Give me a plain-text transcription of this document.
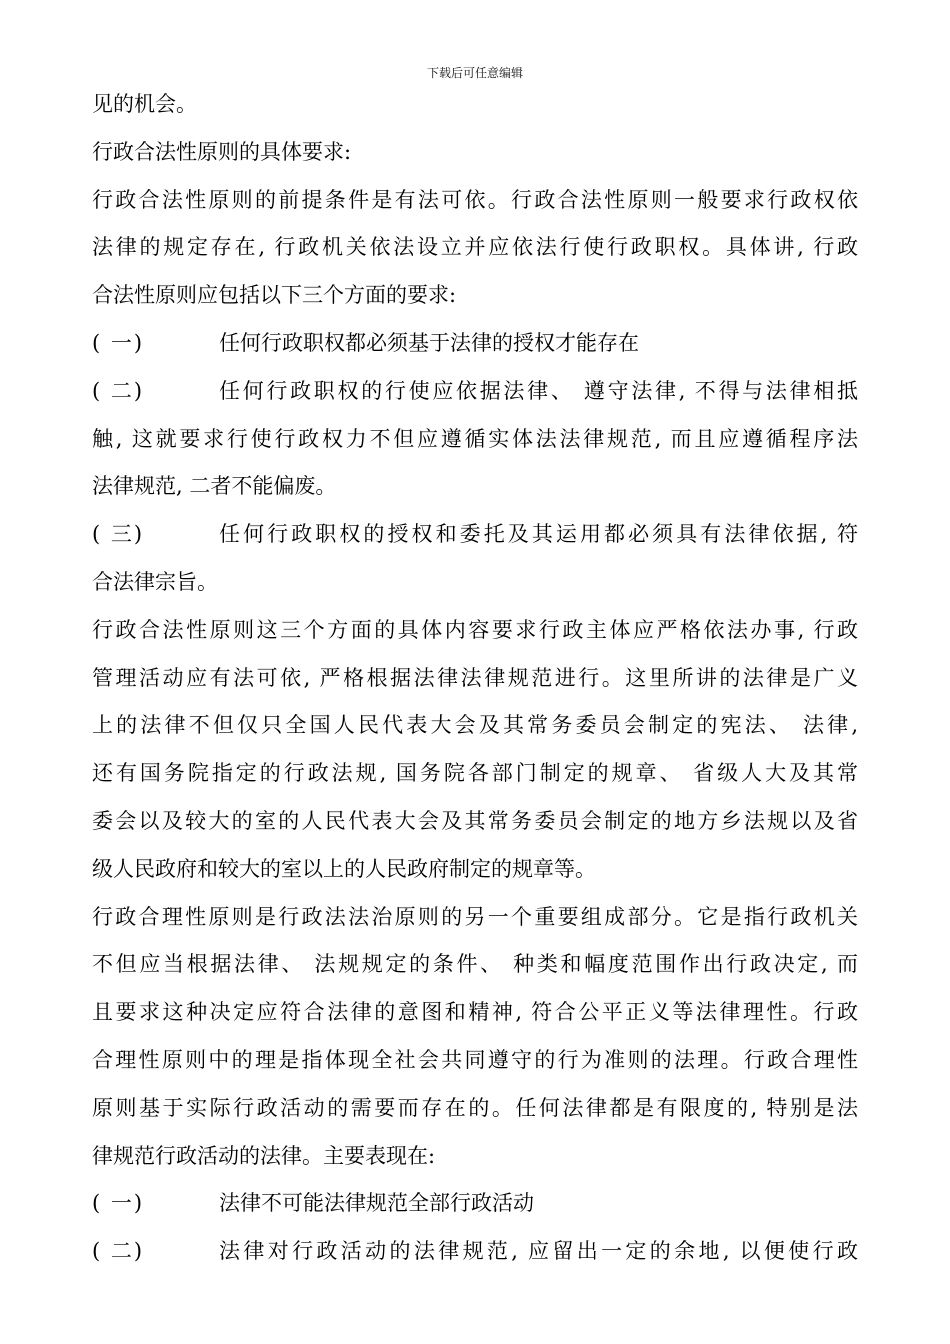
下载后可任意编辑
见的机会。
行政合法性原则的具体要求:
行政合法性原则的前提条件是有法可依。行政合法性原则一般要求行政权依
法律的规定存在, 行政机关依法设立并应依法行使行政职权。具体讲, 行政
合法性原则应包括以下三个方面的要求:
( 一)	任何行政职权都必须基于法律的授权才能存在
( 二)	任何行政职权的行使应依据法律、 遵守法律, 不得与法律相抵
触, 这就要求行使行政权力不但应遵循实体法法律规范, 而且应遵循程序法
法律规范, 二者不能偏废。
( 三)	任何行政职权的授权和委托及其运用都必须具有法律依据, 符
合法律宗旨。
行政合法性原则这三个方面的具体内容要求行政主体应严格依法办事, 行政
管理活动应有法可依, 严格根据法律法律规范进行。这里所讲的法律是广义
上的法律不但仅只全国人民代表大会及其常务委员会制定的宪法、 法律,
还有国务院指定的行政法规, 国务院各部门制定的规章、 省级人大及其常
委会以及较大的室的人民代表大会及其常务委员会制定的地方乡法规以及省
级人民政府和较大的室以上的人民政府制定的规章等。
行政合理性原则是行政法法治原则的另一个重要组成部分。它是指行政机关
不但应当根据法律、 法规规定的条件、 种类和幅度范围作出行政决定, 而
且要求这种决定应符合法律的意图和精神, 符合公平正义等法律理性。行政
合理性原则中的理是指体现全社会共同遵守的行为准则的法理。行政合理性
原则基于实际行政活动的需要而存在的。任何法律都是有限度的, 特别是法
律规范行政活动的法律。主要表现在:
( 一)	法律不可能法律规范全部行政活动
( 二)	法律对行政活动的法律规范, 应留出一定的余地, 以便使行政
